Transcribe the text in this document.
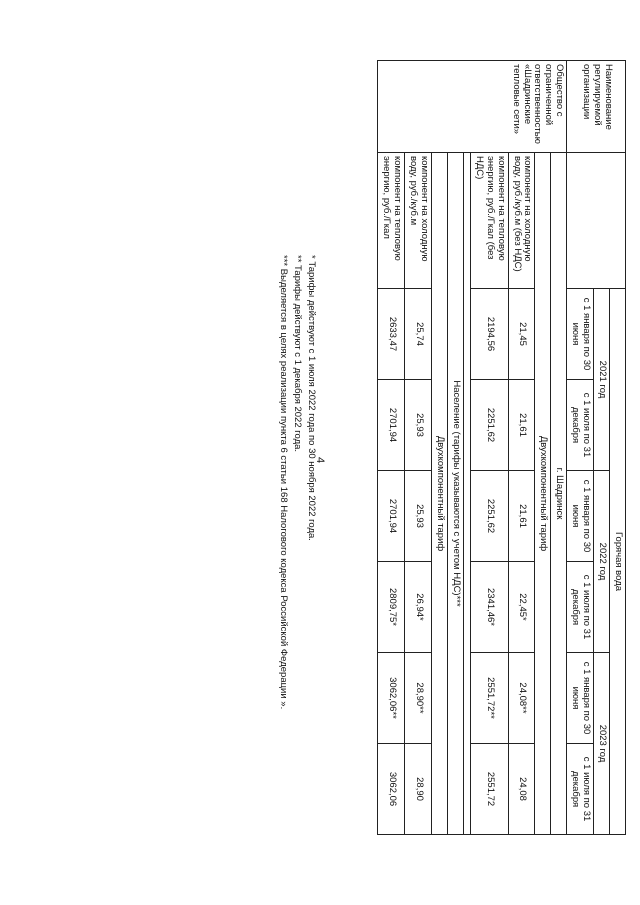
4
Наименование регулируемой организации		Горячая вода					
		2021 год		2022 год		2023 год	
		с 1 января по 30 июня	с 1 июля по 31 декабря	с 1 января по 30 июня	с 1 июля по 31 декабря	с 1 января по 30 июня	с 1 июля по 31 декабря
Общество с ограниченной ответственностью «Шадринские тепловые сети»	г. Шадринск						
	Двухкомпонентный тариф						
	компонент на холодную воду, руб./куб.м (без НДС)	21,45	21,61	21,61	22,45*	24,08**	24,08
	компонент на тепловую энергию, руб./Гкал (без НДС)	2194,56	2251,62	2251,62	2341,46*	2551,72**	2551,72

	Население (тарифы указываются с учетом НДС)***						
	Двухкомпонентный тариф						
	компонент на холодную воду, руб./куб.м	25,74	25,93	25,93	26,94*	28,90**	28,90
	компонент на тепловую энергию, руб./Гкал	2633,47	2701,94	2701,94	2809,75*	3062,06**	3062,06
* Тарифы действуют с 1 июля 2022 года по 30 ноября 2022 года.
** Тарифы действуют с 1 декабря 2022 года.
*** Выделяется в целях реализации пункта 6 статьи 168 Налогового кодекса Российской Федерации ».
